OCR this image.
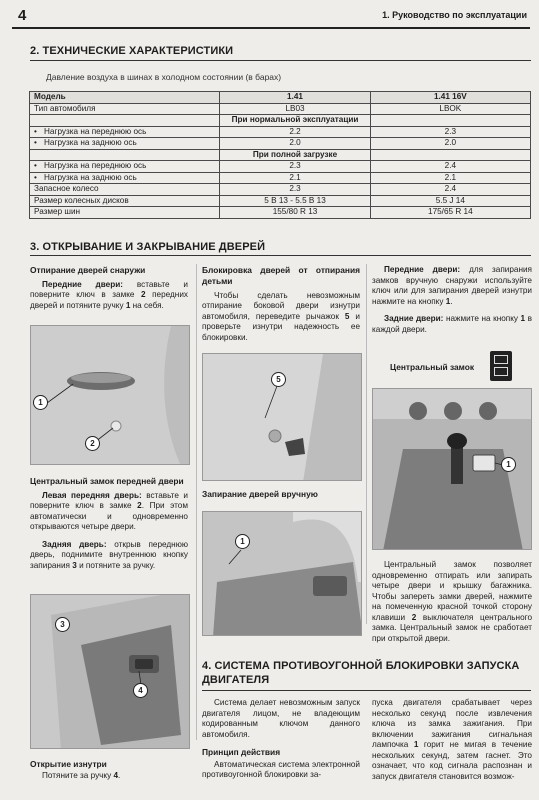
4	1. Руководство по эксплуатации
2. ТЕХНИЧЕСКИЕ ХАРАКТЕРИСТИКИ
Давление воздуха в шинах в холодном состоянии (в барах)
Модель	1.41	1.41 16V
Тип автомобиля	LB03	LBOK
	При нормальной эксплуатации	
• Нагрузка на переднюю ось	2.2	2.3
• Нагрузка на заднюю ось	2.0	2.0
	При полной загрузке	
• Нагрузка на переднюю ось	2.3	2.4
• Нагрузка на заднюю ось	2.1	2.1
Запасное колесо	2.3	2.4
Размер колесных дисков	5 B 13 - 5.5 B 13	5.5 J 14
Размер шин	155/80 R 13	175/65 R 14
3. ОТКРЫВАНИЕ И ЗАКРЫВАНИЕ ДВЕРЕЙ
Отпирание дверей снаружи

Передние двери: вставьте и поверните ключ в замке 2 передних дверей и потяните ручку 1 на себя.

1
2
Центральный замок передней двери

Левая передняя дверь: вставьте и поверните ключ в замке 2. При этом автоматически и одновременно открываются четыре двери.

Задняя дверь: открыв переднюю дверь, поднимите внутреннюю кнопку запирания 3 и потяните за ручку.

3
4
Открытие изнутри

Потяните за ручку 4.

Блокировка дверей от отпирания детьми

Чтобы сделать невозможным отпирание боковой двери изнутри автомобиля, переведите рычажок 5 и проверьте изнутри надежность ее блокировки.

5
Запирание дверей вручную
1

Передние двери: для запирания замков вручную снаружи используйте ключ или для запирания дверей изнутри нажмите на кнопку 1.

Задние двери: нажмите на кнопку 1 в каждой двери.

Центральный замок
1

Центральный замок позволяет одновременно отпирать или запирать четыре двери и крышку багажника. Чтобы запереть замки дверей, нажмите на помеченную красной точкой сторону клавиши 2 выключателя центрального замка. Центральный замок не сработает при открытой двери.

4. СИСТЕМА ПРОТИВОУГОННОЙ БЛОКИРОВКИ ЗАПУСКА ДВИГАТЕЛЯ

Система делает невозможным запуск двигателя лицом, не владеющим кодированным ключом данного автомобиля.

Принцип действия

Автоматическая система электронной противоугонной блокировки за-

пуска двигателя срабатывает через несколько секунд после извлечения ключа из замка зажигания. При включении зажигания сигнальная лампочка 1 горит не мигая в течение нескольких секунд, затем гаснет. Это означает, что код сигнала распознан и запуск двигателя становится возмож-
